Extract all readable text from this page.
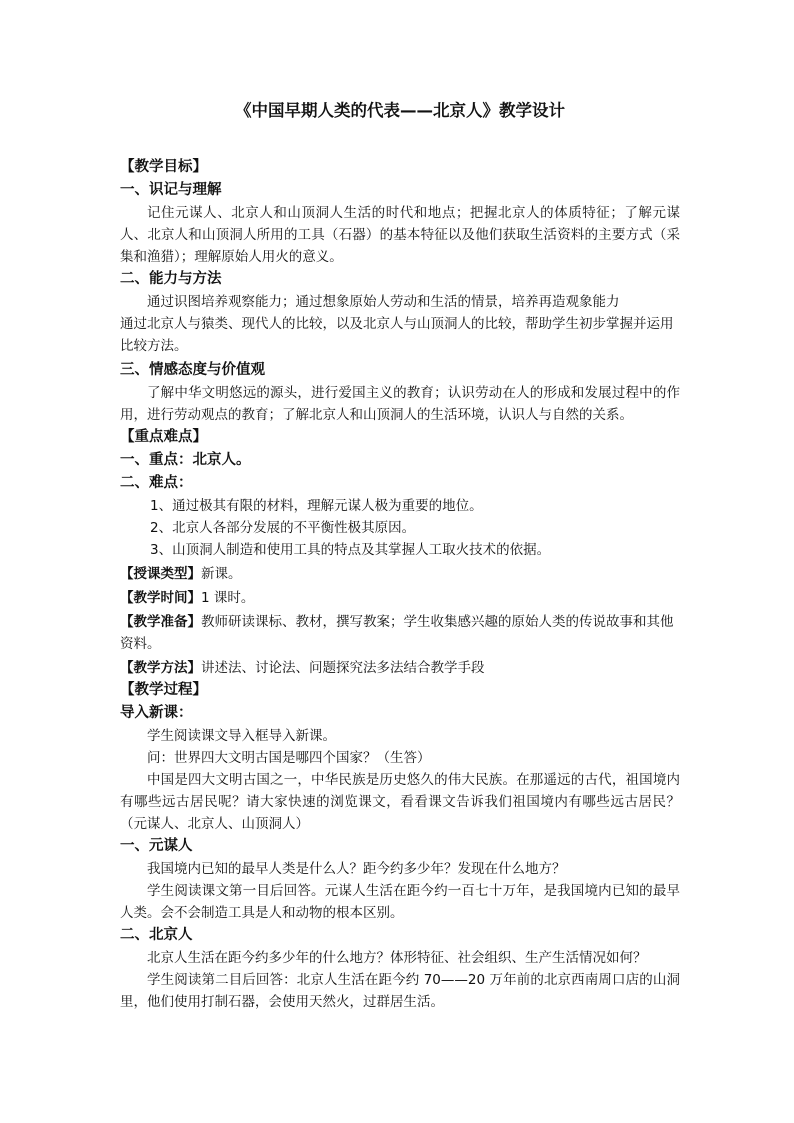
《中国早期人类的代表——北京人》教学设计
【教学目标】
一、识记与理解
记住元谋人、北京人和山顶洞人生活的时代和地点；把握北京人的体质特征；了解元谋人、北京人和山顶洞人所用的工具（石器）的基本特征以及他们获取生活资料的主要方式（采集和渔猎）；理解原始人用火的意义。
二、能力与方法
通过识图培养观察能力；通过想象原始人劳动和生活的情景，培养再造观象能力
通过北京人与猿类、现代人的比较，以及北京人与山顶洞人的比较，帮助学生初步掌握并运用比较方法。
三、情感态度与价值观
了解中华文明悠远的源头，进行爱国主义的教育；认识劳动在人的形成和发展过程中的作用，进行劳动观点的教育；了解北京人和山顶洞人的生活环境，认识人与自然的关系。
【重点难点】
一、重点：北京人。
二、难点：
1、通过极其有限的材料，理解元谋人极为重要的地位。
2、北京人各部分发展的不平衡性极其原因。
3、山顶洞人制造和使用工具的特点及其掌握人工取火技术的依据。
【授课类型】新课。
【教学时间】1 课时。
【教学准备】教师研读课标、教材，撰写教案；学生收集感兴趣的原始人类的传说故事和其他资料。
【教学方法】讲述法、讨论法、问题探究法多法结合教学手段
【教学过程】
导入新课：
学生阅读课文导入框导入新课。
问：世界四大文明古国是哪四个国家？（生答）
中国是四大文明古国之一，中华民族是历史悠久的伟大民族。在那遥远的古代，祖国境内有哪些远古居民呢？请大家快速的浏览课文，看看课文告诉我们祖国境内有哪些远古居民？（元谋人、北京人、山顶洞人）
一、元谋人
我国境内已知的最早人类是什么人？距今约多少年？发现在什么地方？
学生阅读课文第一目后回答。元谋人生活在距今约一百七十万年，是我国境内已知的最早人类。会不会制造工具是人和动物的根本区别。
二、北京人
北京人生活在距今约多少年的什么地方？体形特征、社会组织、生产生活情况如何？
学生阅读第二目后回答：北京人生活在距今约 70——20 万年前的北京西南周口店的山洞里，他们使用打制石器，会使用天然火，过群居生活。
